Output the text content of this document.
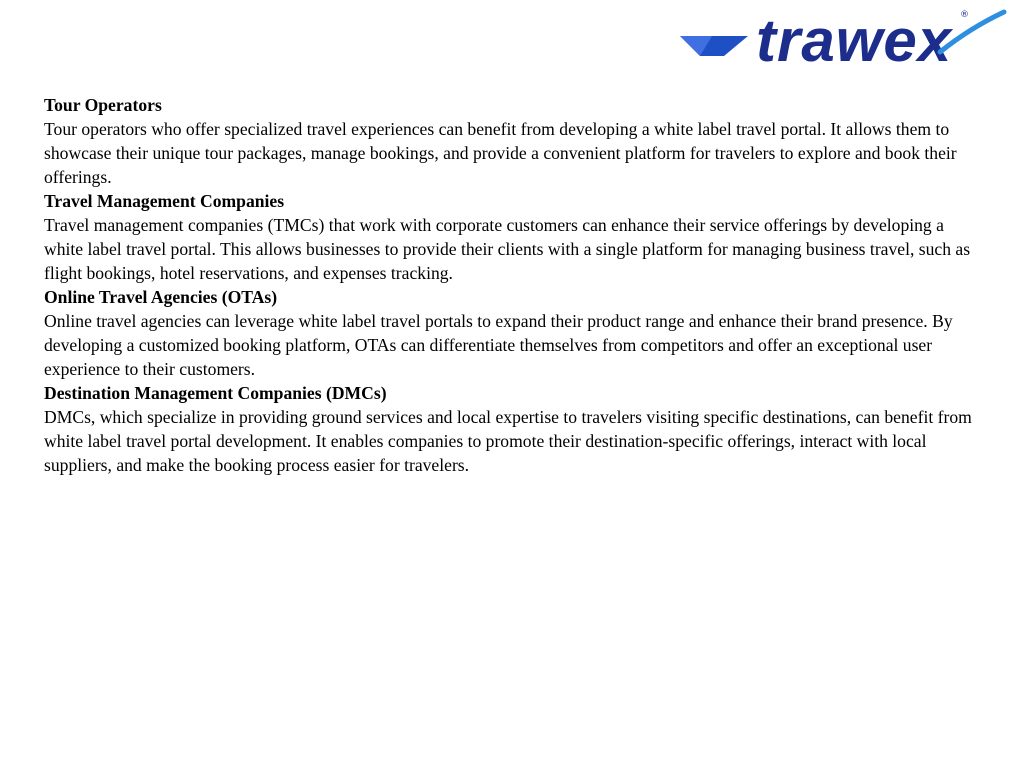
trawex ®
Tour Operators
Tour operators who offer specialized travel experiences can benefit from developing a white label travel portal. It allows them to showcase their unique tour packages, manage bookings, and provide a convenient platform for travelers to explore and book their offerings.
Travel Management Companies
Travel management companies (TMCs) that work with corporate customers can enhance their service offerings by developing a white label travel portal. This allows businesses to provide their clients with a single platform for managing business travel, such as flight bookings, hotel reservations, and expenses tracking.
Online Travel Agencies (OTAs)
Online travel agencies can leverage white label travel portals to expand their product range and enhance their brand presence. By developing a customized booking platform, OTAs can differentiate themselves from competitors and offer an exceptional user experience to their customers.
Destination Management Companies (DMCs)
DMCs, which specialize in providing ground services and local expertise to travelers visiting specific destinations, can benefit from white label travel portal development. It enables companies to promote their destination-specific offerings, interact with local suppliers, and make the booking process easier for travelers.
